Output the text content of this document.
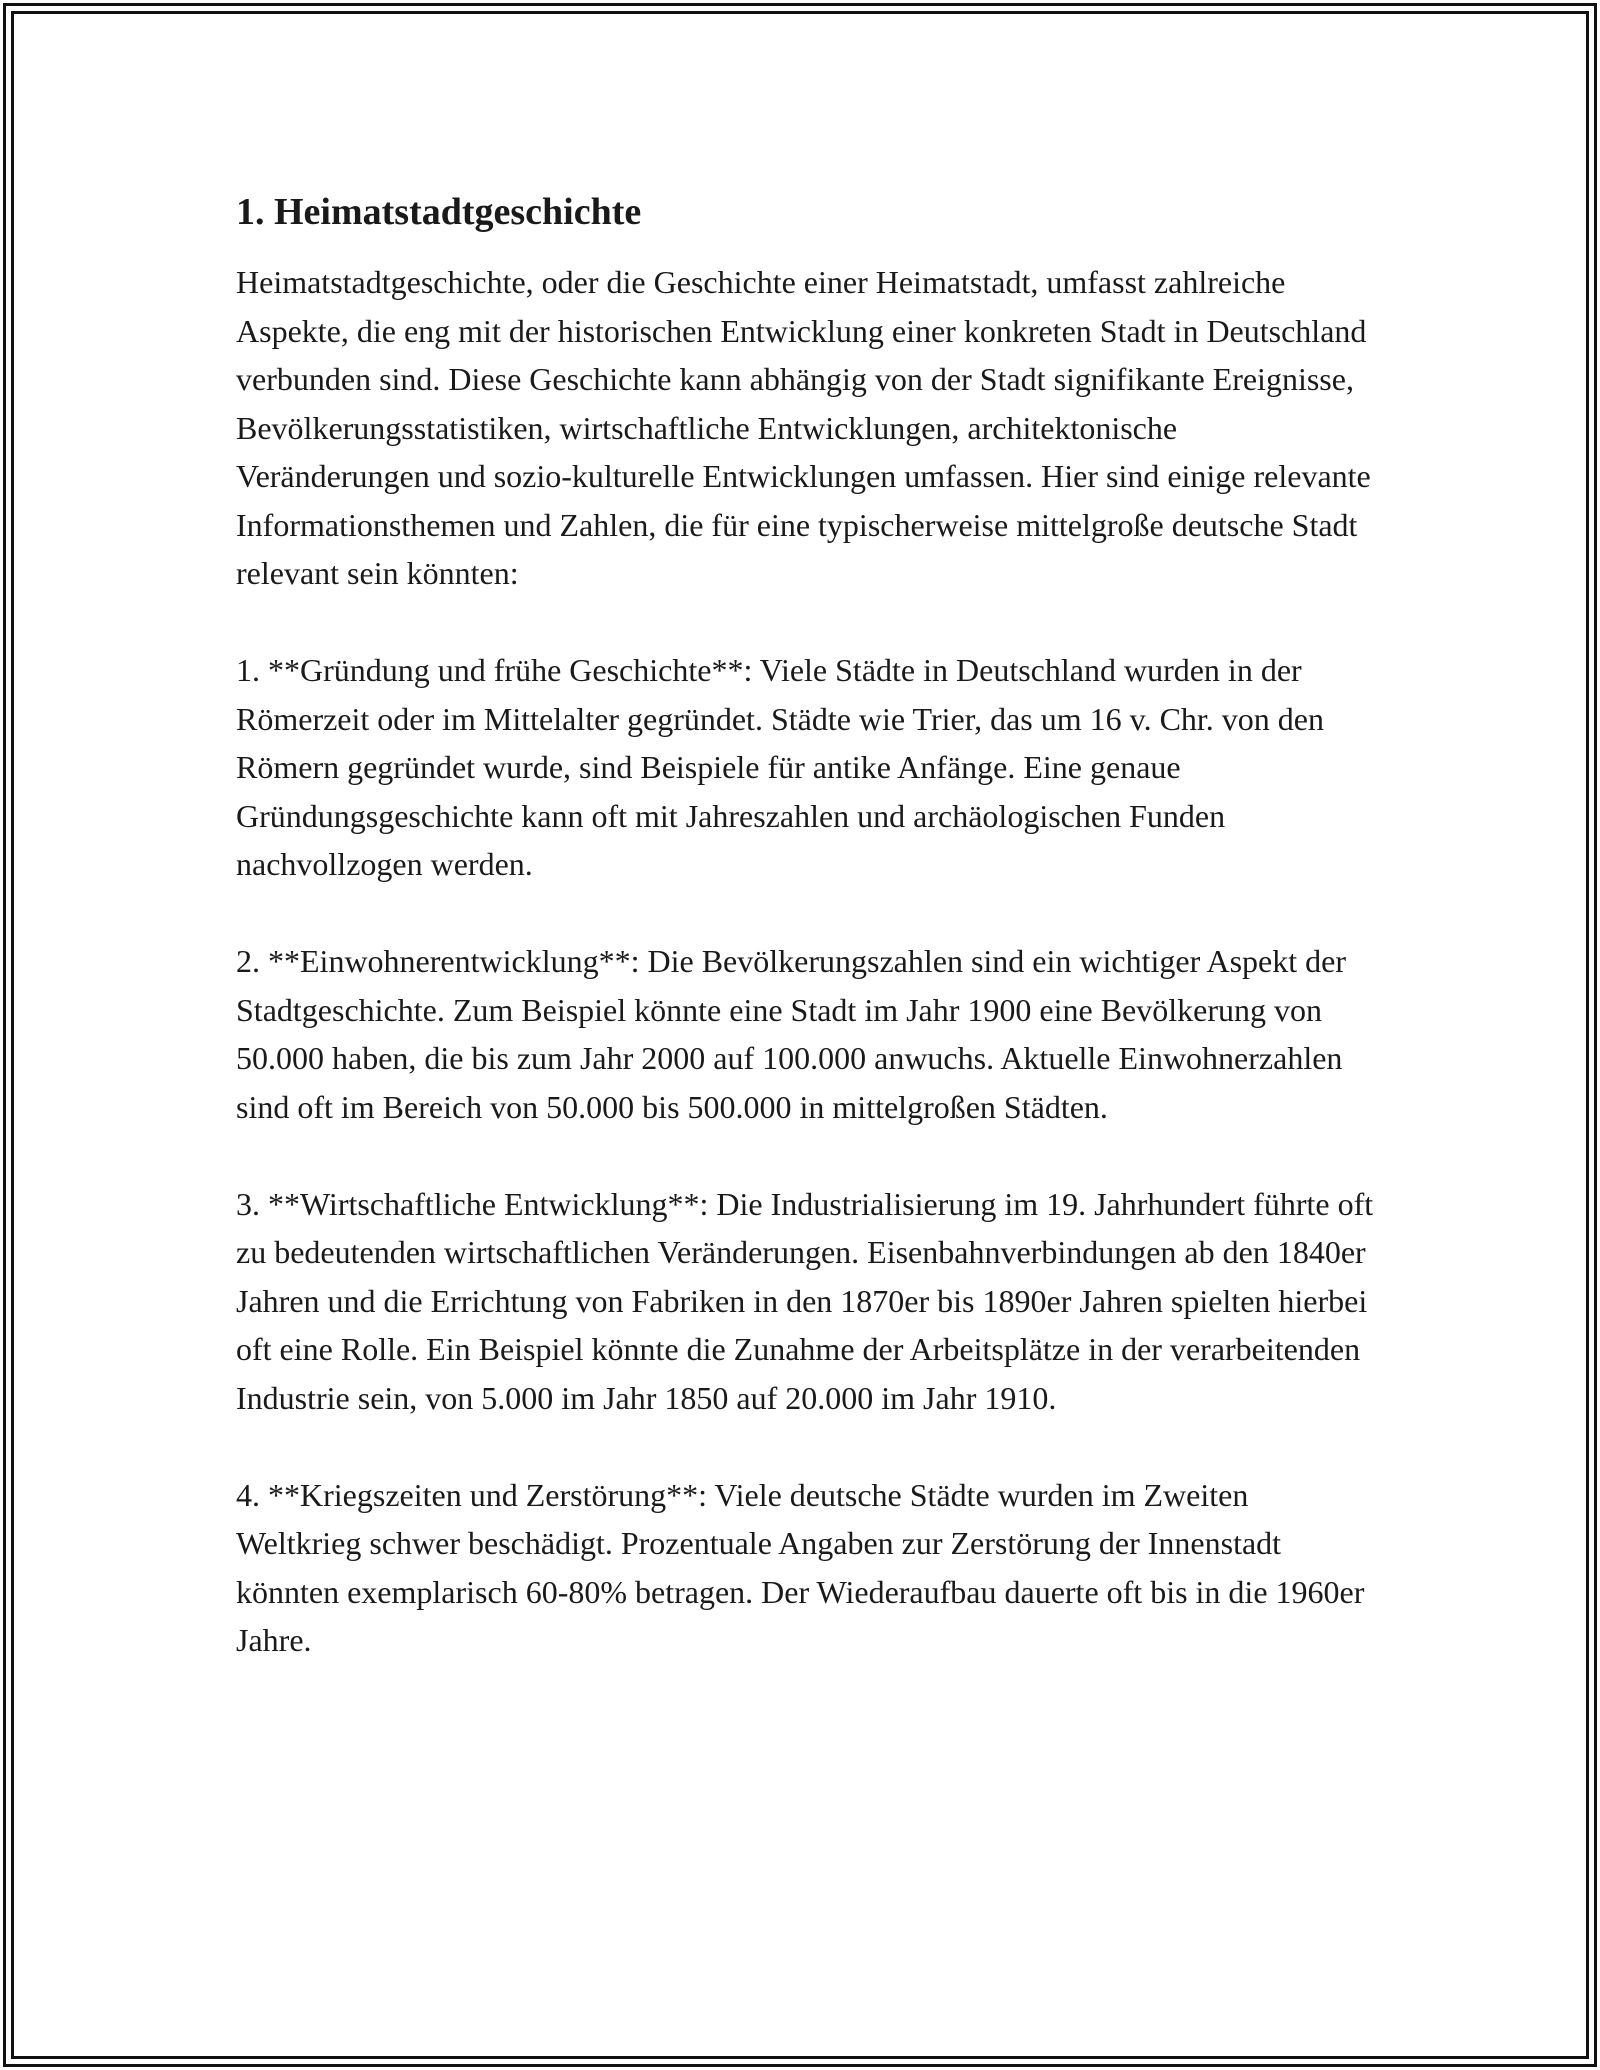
1. Heimatstadtgeschichte

Heimatstadtgeschichte, oder die Geschichte einer Heimatstadt, umfasst zahlreiche Aspekte, die eng mit der historischen Entwicklung einer konkreten Stadt in Deutschland verbunden sind. Diese Geschichte kann abhängig von der Stadt signifikante Ereignisse, Bevölkerungsstatistiken, wirtschaftliche Entwicklungen, architektonische Veränderungen und sozio-kulturelle Entwicklungen umfassen. Hier sind einige relevante Informationsthemen und Zahlen, die für eine typischerweise mittelgroße deutsche Stadt relevant sein könnten:

1. **Gründung und frühe Geschichte**: Viele Städte in Deutschland wurden in der Römerzeit oder im Mittelalter gegründet. Städte wie Trier, das um 16 v. Chr. von den Römern gegründet wurde, sind Beispiele für antike Anfänge. Eine genaue Gründungsgeschichte kann oft mit Jahreszahlen und archäologischen Funden nachvollzogen werden.

2. **Einwohnerentwicklung**: Die Bevölkerungszahlen sind ein wichtiger Aspekt der Stadtgeschichte. Zum Beispiel könnte eine Stadt im Jahr 1900 eine Bevölkerung von 50.000 haben, die bis zum Jahr 2000 auf 100.000 anwuchs. Aktuelle Einwohnerzahlen sind oft im Bereich von 50.000 bis 500.000 in mittelgroßen Städten.

3. **Wirtschaftliche Entwicklung**: Die Industrialisierung im 19. Jahrhundert führte oft zu bedeutenden wirtschaftlichen Veränderungen. Eisenbahnverbindungen ab den 1840er Jahren und die Errichtung von Fabriken in den 1870er bis 1890er Jahren spielten hierbei oft eine Rolle. Ein Beispiel könnte die Zunahme der Arbeitsplätze in der verarbeitenden Industrie sein, von 5.000 im Jahr 1850 auf 20.000 im Jahr 1910.

4. **Kriegszeiten und Zerstörung**: Viele deutsche Städte wurden im Zweiten Weltkrieg schwer beschädigt. Prozentuale Angaben zur Zerstörung der Innenstadt könnten exemplarisch 60-80% betragen. Der Wiederaufbau dauerte oft bis in die 1960er Jahre.
